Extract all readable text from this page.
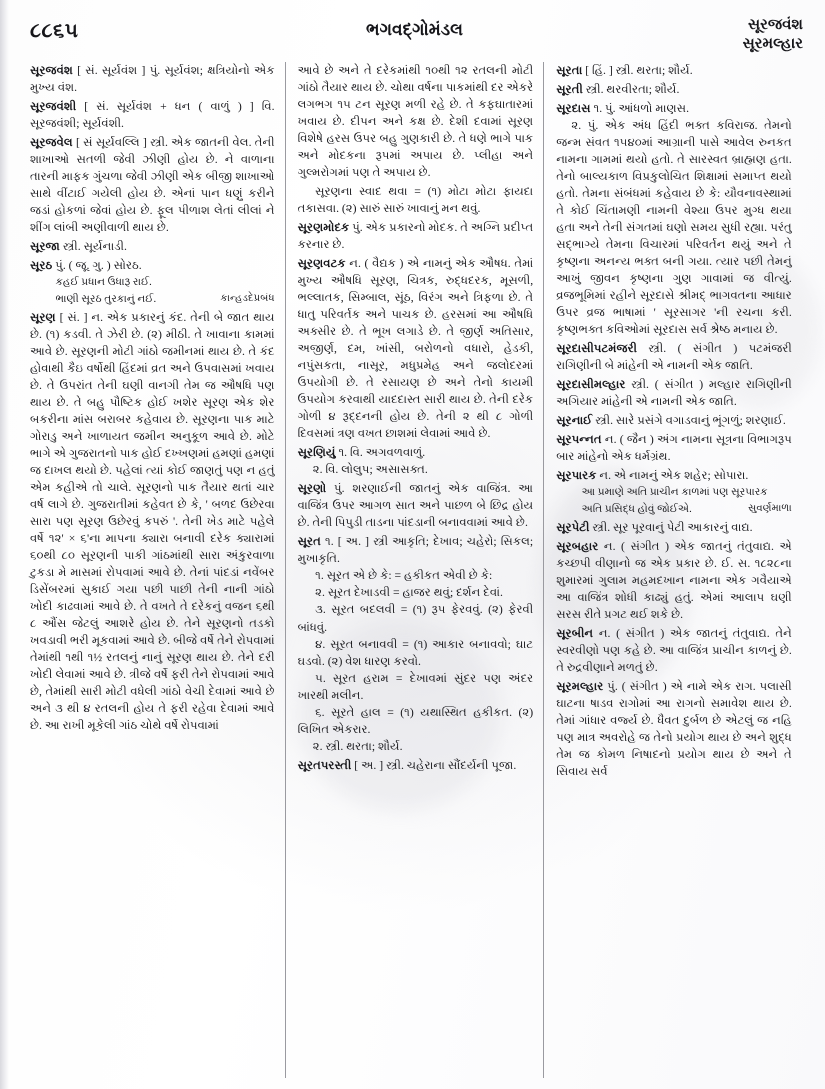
૮૮૬૫	ભગવદ્ગોમંડલ	સૂરજવંશ
સૂરમલ્હાર

સૂરજવંશ [ સં. સૂર્યવંશ ] પું. સૂર્યવંશ; ક્ષત્રિયોનો એક મુખ્ય વંશ.

સૂરજવંશી [ સં. સૂર્યવંશ + ધન ( વાળું ) ] વિ. સૂરજવંશી; સૂર્યવંશી.

સૂરજવેલ [ સં સૂર્યવલ્લિ ] સ્ત્રી. એક જાતની વેલ. તેની શાખાઓ સતળી જેવી ઝીણી હોય છે. ને વાળાના તારની માફક ગુંચળા જેવી ઝીણી એક બીજી શાખાઓ સાથે વીંટાઈ ગયેલી હોય છે. એનાં પાન ધણું કરીને જડાં હોકળાં જેવાં હોય છે. ફૂલ પીળાશ લેતાં લીલાં ને શીંગ લાંબી અણીવાળી થાય છે.

સૂરજા સ્ત્રી. સૂર્યનાડી.

સૂરઠ પું. ( જૂ. ગુ. ) સોરઠ.
કહઈ પ્રધાન ઉધારૂ રાઈ.
કાન્હડદેપ્રબંધ
ભાણી સૂરઠ તુરકાનું નઈ.

સૂરણ [ સં. ] ન. એક પ્રકારનું કંદ. તેની બે જાત થાય છે. (૧) કડવી. તે ઝેરી છે. (૨) મીઠી. તે ખાવાના કામમાં આવે છે. સૂરણની મોટી ગાંઠો જમીનમાં થાય છે. તે કંદ હોવાથી કૈઇ વર્ષોથી હિંદમાં વ્રત અને ઉપવાસમાં ખવાય છે. તે ઉપરાંત તેની ઘણી વાનગી તેમ જ ઔષધિ પણ થાય છે. તે બહુ પૌષ્ટિક હોઈ ખશેર સૂરણ એક શેર બકરીના માંસ બરાબર કહેવાય છે. સૂરણના પાક માટે ગોરાડુ અને ખાળાયત જમીન અનુકૂળ આવે છે. મોટે ભાગે એ ગુજરાતનો પાક હોઈ દખ્ખણમાં હમણાં હમણાં જ દાખલ થયો છે. પહેલાં ત્યાં કોઈ જાણતું પણ ન હતું એમ કહીએ તો ચાલે. સૂરણનો પાક તૈયાર થતાં ચાર વર્ષ લાગે છે. ગુજરાતીમાં કહેવત છે કે, ' બળદ ઉછેરવા સારા પણ સૂરણ ઉછેરવું કપરું '. તેની ખેડ માટે પહેલે વર્ષે ૧૨' × ૬'ના માપના ક્યારા બનાવી દરેક ક્યારામાં ૬૦થી ૮૦ સૂરણની પાકી ગાંઠમાંથી સારા અંકુરવાળા ટુકડા મે માસમાં રોપવામાં આવે છે. તેનાં પાંદડાં નવેંબર ડિસેંબરમાં સુકાઈ ગયા પછી પાછી તેની નાની ગાંઠો ખોદી કાઢવામાં આવે છે. તે વખતે તે દરેકનું વજન ૬થી ૮ ઔંસ જેટલું આશરે હોય છે. તેને સૂરણનો તડકો ખવડાવી ભરી મૂકવામાં આવે છે. બીજે વર્ષે તેને રોપવામાં તેમાંથી ૧થી ૧½ રતલનું નાનું સૂરણ થાય છે. તેને દરી ખોદી લેવામાં આવે છે. ત્રીજે વર્ષે ફરી તેને રોપવામાં આવે છે, તેમાંથી સારી મોટી વધેલી ગાંઠો વેચી દેવામાં આવે છે અને ૩ થી ૪ રતલની હોય તે ફરી રહેવા દેવામાં આવે છે. આ રાખી મૂકેલી ગાંઠ ચોથે વર્ષે રોપવામાં

આવે છે અને તે દરેકમાંથી ૧૦થી ૧૨ રતલની મોટી ગાંઠો તૈયાર થાય છે. ચોથા વર્ષના પાકમાંથી દર એકરે લગભગ ૧૫ ટન સૂરણ મળી રહે છે. તે કફઘાતારમાં ખવાય છે. દીપન અને કક્ષ છે. દેશી દવામાં સૂરણ વિશેષે હરસ ઉપર બહુ ગુણકારી છે. તે ધણે ભાગે પાક અને મોદકના રૂપમાં અપાય છે. પ્લીહા અને ગુલ્મરોગમાં પણ તે અપાય છે.

સૂરણના સ્વાદ થવા = (૧) મોટા મોટા ફાયદા તકાસવા. (૨) સારું સારું ખાવાનું મન થવું.

સૂરણમોદક પું. એક પ્રકારનો મોદક. તે અગ્નિ પ્રદીપ્ત કરનાર છે.

સૂરણવટક ન. ( વૈદ્યક ) એ નામનું એક ઔષધ. તેમાં મુખ્ય ઔષધિ સૂરણ, ચિત્રક, રુદ્ધદરક, મૂસળી, ભલ્લાતક, સિમ્બાલ, સૂંઠ, વિરંગ અને ત્રિફળા છે. તે ધાતુ પરિવર્તક અને પાચક છે. હરસમાં આ ઔષધિ અક્સીર છે. તે ભૂખ લગાડે છે. તે જીર્ણ અતિસાર, અજીર્ણ, દમ, ખાંસી, બરોળનો વધારો, હેડકી, નપુંસકતા, નાસૂર, મધુપ્રમેહ અને જલોદરમાં ઉપયોગી છે. તે રસાયણ છે અને તેનો કાયમી ઉપયોગ કરવાથી યાદદાસ્ત સારી થાય છે. તેની દરેક ગોળી ૪ રૂદ્દનની હોય છે. તેની ૨ થી ૮ ગોળી દિવસમાં ત્રણ વખત છાશમાં લેવામાં આવે છે.

સૂરણિયું ૧. વિ. અગવળવાળું.
૨. વિ. લોલુપ; અસાસક્ત.

સૂરણો પું. શરણાઈની જાતનું એક વાજિંત્ર. આ વાજિંત્ર ઉપર આગળ સાત અને પાછળ બે છિદ્ર હોય છે. તેની પિપુડી તાડના પાંદડાની બનાવવામાં આવે છે.

સૂરત ૧. [ અ. ] સ્ત્રી આકૃતિ; દેખાવ; ચહેરો; સિકલ; મુખાકૃતિ.
૧. સૂરત એ છે કે: = હકીકત એવી છે કે:
૨. સૂરત દેખાડવી = હાજર થવું; દર્શન દેવાં.
૩. સૂરત બદલવી = (૧) રૂપ ફેરવવું. (૨) ફેરવી બાંધવું.
૪. સૂરત બનાવવી = (૧) આકાર બનાવવો; ઘાટ ઘડવો. (૨) વેશ ધારણ કરવો.
૫. સૂરત હરામ = દેખાવમાં સુંદર પણ અંદર ખારથી મલીન.
૬. સૂરતે હાલ = (૧) યથાસ્થિત હકીકત. (૨) લિખિત એકરાર.
૨. સ્ત્રી. થરતા; શૌર્ય.

સૂરતપરસ્તી [ અ. ] સ્ત્રી. ચહેરાના સૌંદર્યની પૂજા.

સૂરતા [ હિં. ] સ્ત્રી. થરતા; શૌર્ય.

સૂરતી સ્ત્રી. થરવીરતા; શૌર્ય.

સૂરદાસ ૧. પું. આંધળો માણસ.
૨. પું. એક અંધ હિંદી ભક્ત કવિરાજ. તેમનો જન્મ સંવત ૧૫૪૦માં આગ્રાની પાસે આવેલ રુનકત નામના ગામમાં થયો હતો. તે સારસ્વત બ્રાહ્મણ હતા. તેનો બાલ્યકાળ વિપ્રકુલોચિત શિક્ષામાં સમાપ્ત થયો હતો. તેમના સંબંધમાં કહેવાય છે કે: યૌવનાવસ્થામાં તે કોઈ ચિંતામણી નામની વેશ્યા ઉપર મુગ્ધ થયા હતા અને તેની સંગતમાં ઘણો સમય સુધી રહ્યા. પરંતુ સદ્ભાગ્યે તેમના વિચારમાં પરિવર્તન થયું અને તે કૃષ્ણના અનન્ય ભક્ત બની ગયા. ત્યાર પછી તેમનું આખું જીવન કૃષ્ણના ગુણ ગાવામાં જ વીત્યું. વ્રજભૂમિમાં રહીને સૂરદાસે શ્રીમદ્ ભાગવતના આધાર ઉપર વ્રજ ભાષામાં ' સૂરસાગર 'ની રચના કરી. કૃષ્ણભક્ત કવિઓમાં સૂરદાસ સર્વ શ્રેષ્ઠ મનાય છે.

સૂરદાસીપટમંજરી સ્ત્રી. ( સંગીત ) પટમંજરી રાગિણીની બે માંહેની એ નામની એક જાતિ.

સૂરદાસીમલ્હાર સ્ત્રી. ( સંગીત ) મલ્હાર રાગિણીની અગિયાર માંહેની એ નામની એક જાતિ.

સૂરનાઈ સ્ત્રી. સારે પ્રસંગે વગાડવાનું ભૂંગળું; શરણાઈ.

સૂરપન્નત ન. ( જૈન ) અંગ નામના સૂત્રના વિભાગરૂપ બાર માંહેનો એક ધર્મગ્રંથ.

સૂરપારક ન. એ નામનું એક શહેર; સોપારા.
આ પ્રમાણે અતિ પ્રાચીન કાળમાં પણ સૂરપારક
સુવર્ણમાળા
અતિ પ્રસિદ્ધ હોવું જોઈએ.

સૂરપેટી સ્ત્રી. સૂર પૂરવાનું પેટી આકારનું વાદ્ય.

સૂરબહાર ન. ( સંગીત ) એક જાતનું તંતુવાદ્ય. એ કચ્છપી વીણાનો જ એક પ્રકાર છે. ઈ. સ. ૧૮૨૮ના શુમારમાં ગુલામ મહમદખાન નામના એક ગવૈયાએ આ વાજિંત્ર શોધી કાઢ્યું હતું. એમાં આલાપ ઘણી સરસ રીતે પ્રગટ થઈ શકે છે.

સૂરબીન ન. ( સંગીત ) એક જાતનું તંતુવાદ્ય. તેને સ્વરવીણો પણ કહે છે. આ વાજિંત્ર પ્રાચીન કાળનું છે. તે રુદ્રવીણાને મળતું છે.

સૂરમલ્હાર પું. ( સંગીત ) એ નામે એક રાગ. પલાસી ઘાટના ષાડવ રાગોમાં આ રાગનો સમાવેશ થાય છે. તેમાં ગાંધાર વર્જ્ય છે. ધૈવત દુર્બળ છે એટલું જ નહિ પણ માત્ર અવરોહે જ તેનો પ્રયોગ થાય છે અને શુદ્ધ તેમ જ કોમળ નિષાદનો પ્રયોગ થાય છે અને તે સિવાય સર્વ
